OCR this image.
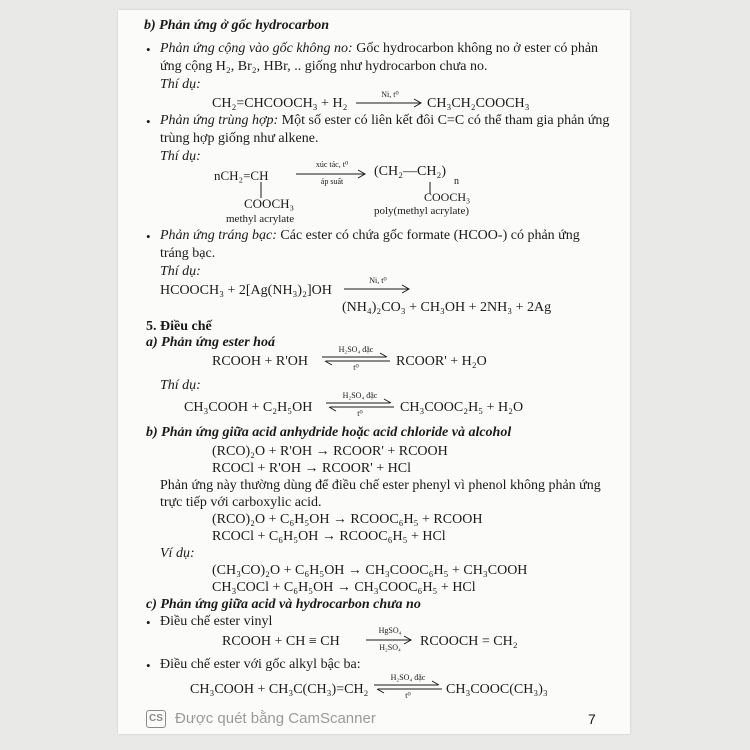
b) Phản ứng ở gốc hydrocarbon
• Phản ứng cộng vào gốc không no: Gốc hydrocarbon không no ở ester có phản
ứng cộng H₂, Br₂, HBr, .. giống như hydrocarbon chưa no.
Thí dụ:
CH₂=CHCOOCH₃ + H₂
Ni, t⁰
CH₃CH₂COOCH₃
• Phản ứng trùng hợp: Một số ester có liên kết đôi C=C có thể tham gia phản ứng
trùng hợp giống như alkene.
Thí dụ:
nCH₂=CH
COOCH₃
methyl acrylate
xúc tác, t⁰
áp suất
(CH₂—CH₂)
n
COOCH₃
poly(methyl acrylate)
• Phản ứng tráng bạc: Các ester có chứa gốc formate (HCOO-) có phản ứng
tráng bạc.
Thí dụ:
HCOOCH₃ + 2[Ag(NH₃)₂]OH
Ni, t⁰
(NH₄)₂CO₃ + CH₃OH + 2NH₃ + 2Ag
5. Điều chế
a) Phản ứng ester hoá
RCOOH + R'OH
H₂SO₄ đặc
t⁰	RCOOR' + H₂O
Thí dụ:
CH₃COOH + C₂H₅OH
H₂SO₄ đặc
t⁰	CH₃COOC₂H₅ + H₂O
b) Phản ứng giữa acid anhydride hoặc acid chloride và alcohol
(RCO)₂O + R'OH → RCOOR' + RCOOH
RCOCl + R'OH → RCOOR' + HCl
Phản ứng này thường dùng để điều chế ester phenyl vì phenol không phản ứng
trực tiếp với carboxylic acid.
(RCO)₂O + C₆H₅OH → RCOOC₆H₅ + RCOOH
RCOCl + C₆H₅OH → RCOOC₆H₅ + HCl
Ví dụ:
(CH₃CO)₂O + C₆H₅OH → CH₃COOC₆H₅ + CH₃COOH
CH₃COCl + C₆H₅OH → CH₃COOC₆H₅ + HCl
c) Phản ứng giữa acid và hydrocarbon chưa no
• Điều chế ester vinyl
RCOOH + CH ≡ CH
HgSO₄
H₂SO₄	RCOOCH = CH₂
• Điều chế ester với gốc alkyl bậc ba:
CH₃COOH + CH₃C(CH₃)=CH₂
H₂SO₄ đặc
t⁰	CH₃COOC(CH₃)₃
CS Được quét bằng CamScanner	7
